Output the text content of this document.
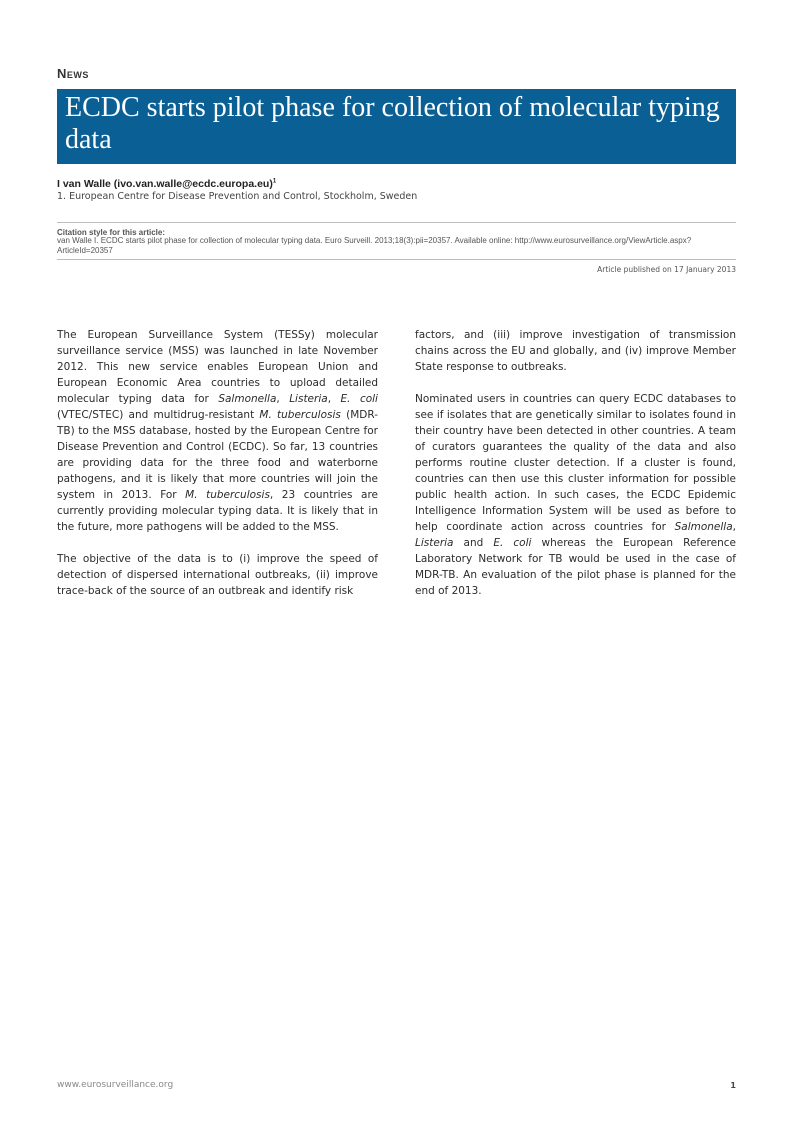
News
ECDC starts pilot phase for collection of molecular typing data
I van Walle (ivo.van.walle@ecdc.europa.eu)$^1$
1. European Centre for Disease Prevention and Control, Stockholm, Sweden
Citation style for this article:
van Walle I. ECDC starts pilot phase for collection of molecular typing data. Euro Surveill. 2013;18(3):pii=20357. Available online: http://www.eurosurveillance.org/ViewArticle.aspx?ArticleId=20357
Article published on 17 January 2013

The European Surveillance System (TESSy) molecular surveillance service (MSS) was launched in late November 2012. This new service enables European Union and European Economic Area countries to upload detailed molecular typing data for Salmonella, Listeria, E. coli (VTEC/STEC) and multidrug-resistant M. tuberculosis (MDR-TB) to the MSS database, hosted by the European Centre for Disease Prevention and Control (ECDC). So far, 13 countries are providing data for the three food and waterborne pathogens, and it is likely that more countries will join the system in 2013. For M. tuberculosis, 23 countries are currently providing molecular typing data. It is likely that in the future, more pathogens will be added to the MSS.

The objective of the data is to (i) improve the speed of detection of dispersed international outbreaks, (ii) improve trace-back of the source of an outbreak and identify risk

factors, and (iii) improve investigation of transmission chains across the EU and globally, and (iv) improve Member State response to outbreaks.

Nominated users in countries can query ECDC databases to see if isolates that are genetically similar to isolates found in their country have been detected in other countries. A team of curators guarantees the quality of the data and also performs routine cluster detection. If a cluster is found, countries can then use this cluster information for possible public health action. In such cases, the ECDC Epidemic Intelligence Information System will be used as before to help coordinate action across countries for Salmonella, Listeria and E. coli whereas the European Reference Laboratory Network for TB would be used in the case of MDR-TB. An evaluation of the pilot phase is planned for the end of 2013.

www.eurosurveillance.org	1
